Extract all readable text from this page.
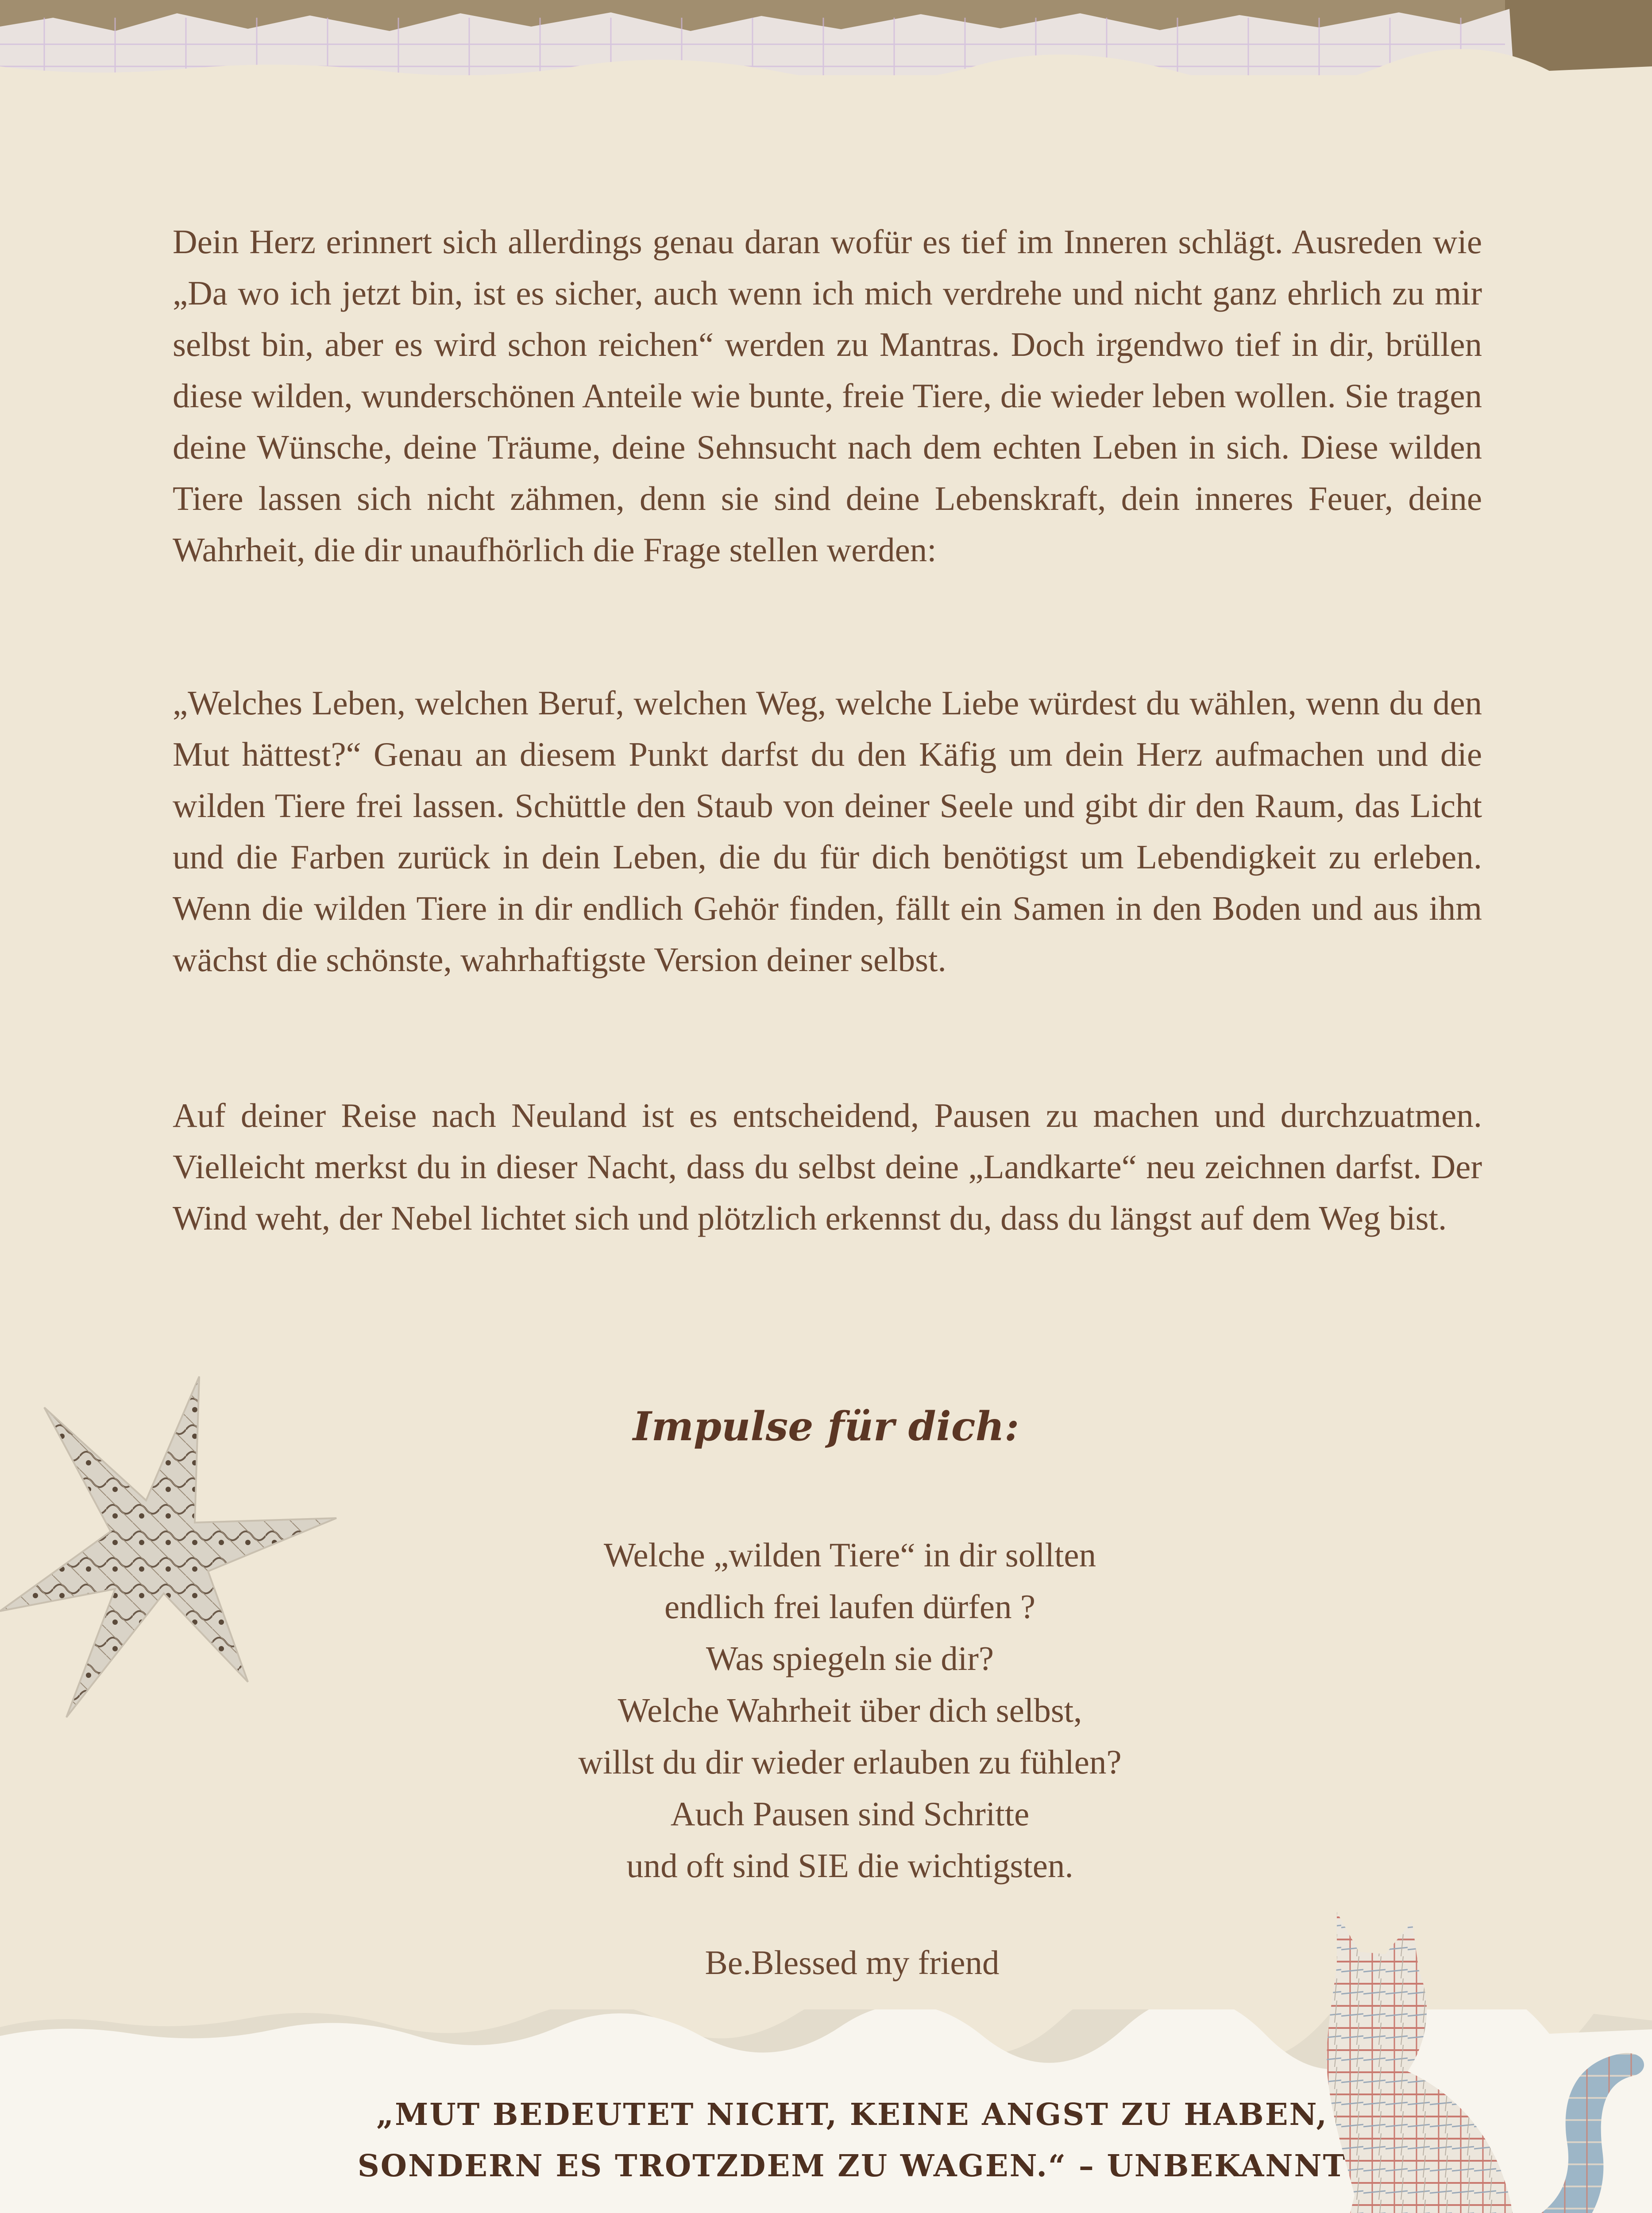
Dein Herz erinnert sich allerdings genau daran wofür es tief im Inneren schlägt. Ausreden wie „Da wo ich jetzt bin, ist es sicher, auch wenn ich mich verdrehe und nicht ganz ehrlich zu mir selbst bin, aber es wird schon reichen“ werden zu Mantras. Doch irgendwo tief in dir, brüllen diese wilden, wunderschönen Anteile wie bunte, freie Tiere, die wieder leben wollen. Sie tragen deine Wünsche, deine Träume, deine Sehnsucht nach dem echten Leben in sich. Diese wilden Tiere lassen sich nicht zähmen, denn sie sind deine Lebenskraft, dein inneres Feuer, deine Wahrheit, die dir unaufhörlich die Frage stellen werden:

„Welches Leben, welchen Beruf, welchen Weg, welche Liebe würdest du wählen, wenn du den Mut hättest?“ Genau an diesem Punkt darfst du den Käfig um dein Herz aufmachen und die wilden Tiere frei lassen. Schüttle den Staub von deiner Seele und gibt dir den Raum, das Licht und die Farben zurück in dein Leben, die du für dich benötigst um Lebendigkeit zu erleben. Wenn die wilden Tiere in dir endlich Gehör finden, fällt ein Samen in den Boden und aus ihm wächst die schönste, wahrhaftigste Version deiner selbst.

Auf deiner Reise nach Neuland ist es entscheidend, Pausen zu machen und durchzuatmen. Vielleicht merkst du in dieser Nacht, dass du selbst deine „Landkarte“ neu zeichnen darfst. Der Wind weht, der Nebel lichtet sich und plötzlich erkennst du, dass du längst auf dem Weg bist.

Impulse für dich:
Welche „wilden Tiere“ in dir sollten
endlich frei laufen dürfen ?
Was spiegeln sie dir?
Welche Wahrheit über dich selbst,
willst du dir wieder erlauben zu fühlen?
Auch Pausen sind Schritte
und oft sind SIE die wichtigsten.
Be.Blessed my friend
„MUT BEDEUTET NICHT, KEINE ANGST ZU HABEN,
SONDERN ES TROTZDEM ZU WAGEN.“ – UNBEKANNT
